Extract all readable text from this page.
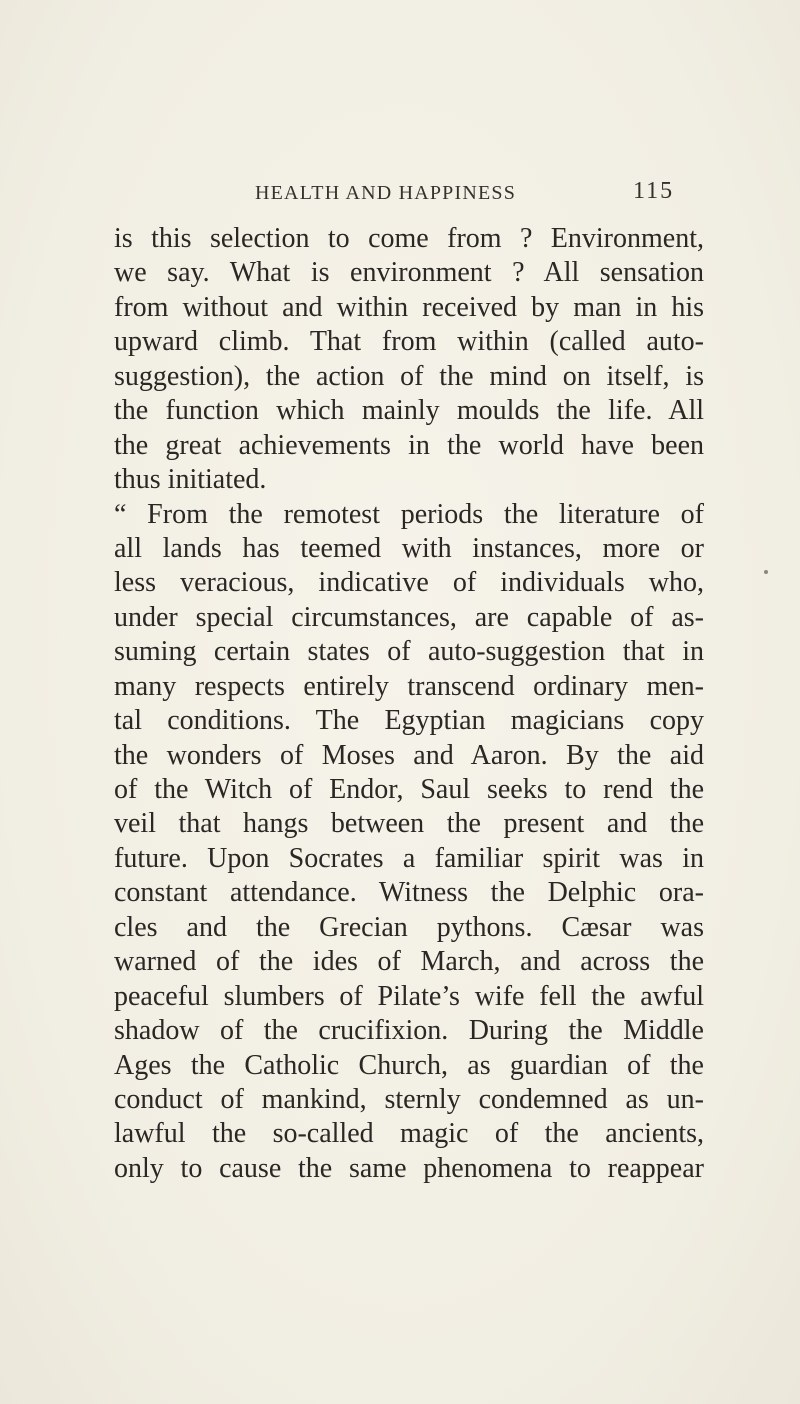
HEALTH AND HAPPINESS	115
is this selection to come from ? Environment,
we say. What is environment ? All sensation
from without and within received by man in his
upward climb. That from within (called auto-
suggestion), the action of the mind on itself, is
the function which mainly moulds the life. All
the great achievements in the world have been
thus initiated.
“ From the remotest periods the literature of
all lands has teemed with instances, more or
less veracious, indicative of individuals who,
under special circumstances, are capable of as-
suming certain states of auto-suggestion that in
many respects entirely transcend ordinary men-
tal conditions. The Egyptian magicians copy
the wonders of Moses and Aaron. By the aid
of the Witch of Endor, Saul seeks to rend the
veil that hangs between the present and the
future. Upon Socrates a familiar spirit was in
constant attendance. Witness the Delphic ora-
cles and the Grecian pythons. Cæsar was
warned of the ides of March, and across the
peaceful slumbers of Pilate’s wife fell the awful
shadow of the crucifixion. During the Middle
Ages the Catholic Church, as guardian of the
conduct of mankind, sternly condemned as un-
lawful the so-called magic of the ancients,
only to cause the same phenomena to reappear
